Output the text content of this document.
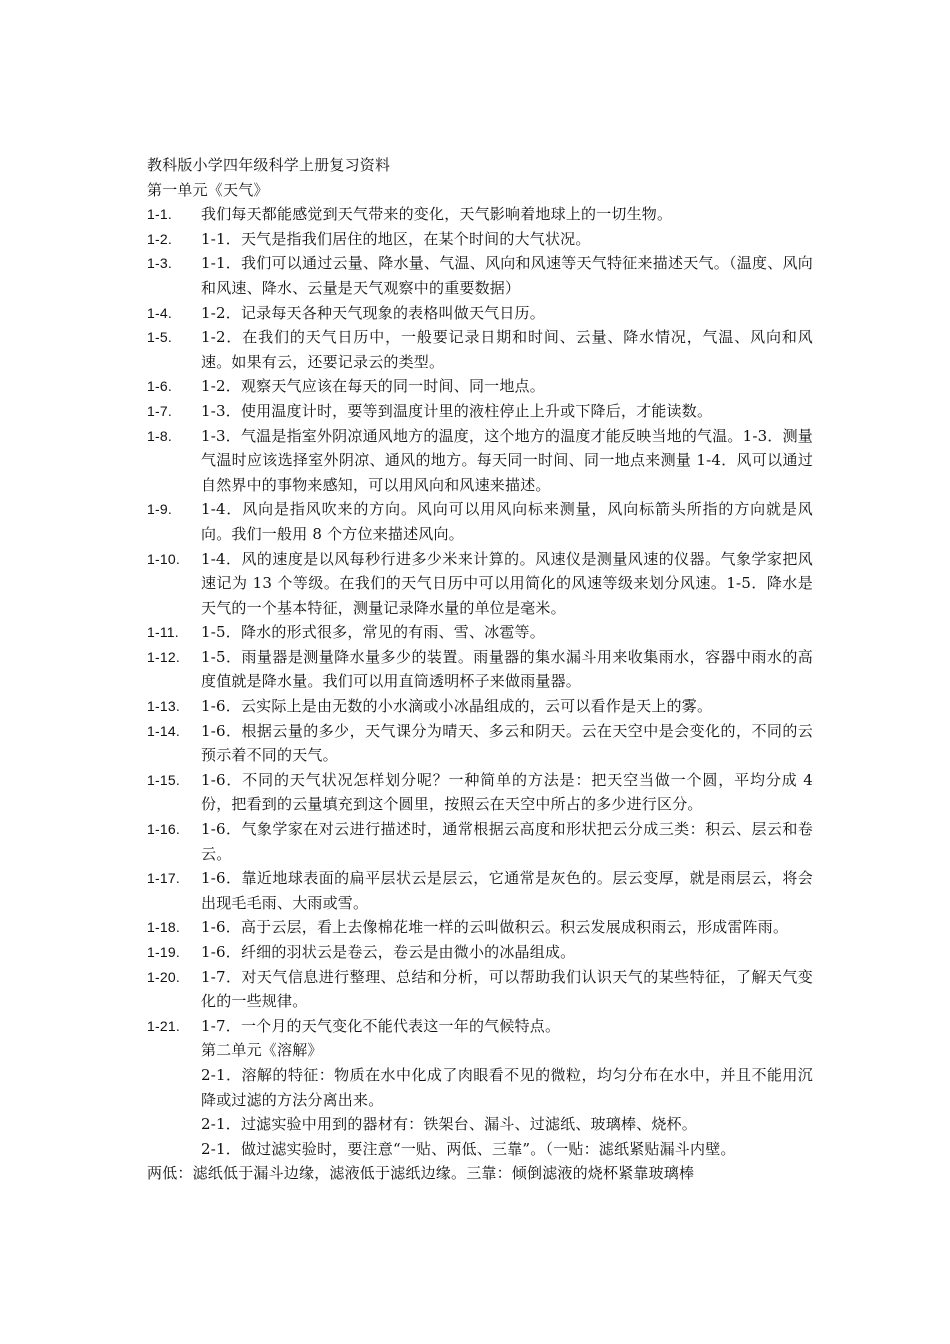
教科版小学四年级科学上册复习资料
第一单元《天气》
1-1.	我们每天都能感觉到天气带来的变化，天气影响着地球上的一切生物。
1-2.	1-1．天气是指我们居住的地区，在某个时间的大气状况。
1-3.	1-1．我们可以通过云量、降水量、气温、风向和风速等天气特征来描述天气。（温度、风向和风速、降水、云量是天气观察中的重要数据）
1-4.	1-2．记录每天各种天气现象的表格叫做天气日历。
1-5.	1-2．在我们的天气日历中，一般要记录日期和时间、云量、降水情况，气温、风向和风速。如果有云，还要记录云的类型。
1-6.	1-2．观察天气应该在每天的同一时间、同一地点。
1-7.	1-3．使用温度计时，要等到温度计里的液柱停止上升或下降后，才能读数。
1-8.	1-3．气温是指室外阴凉通风地方的温度，这个地方的温度才能反映当地的气温。1-3．测量气温时应该选择室外阴凉、通风的地方。每天同一时间、同一地点来测量 1-4．风可以通过自然界中的事物来感知，可以用风向和风速来描述。
1-9.	1-4．风向是指风吹来的方向。风向可以用风向标来测量，风向标箭头所指的方向就是风向。我们一般用 8 个方位来描述风向。
1-10.	1-4．风的速度是以风每秒行进多少米来计算的。风速仪是测量风速的仪器。气象学家把风速记为 13 个等级。在我们的天气日历中可以用简化的风速等级来划分风速。1-5．降水是天气的一个基本特征，测量记录降水量的单位是毫米。
1-11.	1-5．降水的形式很多，常见的有雨、雪、冰雹等。
1-12.	1-5．雨量器是测量降水量多少的装置。雨量器的集水漏斗用来收集雨水，容器中雨水的高度值就是降水量。我们可以用直筒透明杯子来做雨量器。
1-13.	1-6．云实际上是由无数的小水滴或小冰晶组成的，云可以看作是天上的雾。
1-14.	1-6．根据云量的多少，天气课分为晴天、多云和阴天。云在天空中是会变化的，不同的云预示着不同的天气。
1-15.	1-6．不同的天气状况怎样划分呢？一种简单的方法是：把天空当做一个圆，平均分成 4 份，把看到的云量填充到这个圆里，按照云在天空中所占的多少进行区分。
1-16.	1-6．气象学家在对云进行描述时，通常根据云高度和形状把云分成三类：积云、层云和卷云。
1-17.	1-6．靠近地球表面的扁平层状云是层云，它通常是灰色的。层云变厚，就是雨层云，将会出现毛毛雨、大雨或雪。
1-18.	1-6．高于云层，看上去像棉花堆一样的云叫做积云。积云发展成积雨云，形成雷阵雨。
1-19.	1-6．纤细的羽状云是卷云，卷云是由微小的冰晶组成。
1-20.	1-7．对天气信息进行整理、总结和分析，可以帮助我们认识天气的某些特征，了解天气变化的一些规律。
1-21.	1-7．一个月的天气变化不能代表这一年的气候特点。
第二单元《溶解》
2-1．溶解的特征：物质在水中化成了肉眼看不见的微粒，均匀分布在水中，并且不能用沉降或过滤的方法分离出来。
2-1．过滤实验中用到的器材有：铁架台、漏斗、过滤纸、玻璃棒、烧杯。
2-1．做过滤实验时，要注意“一贴、两低、三靠”。（一贴：滤纸紧贴漏斗内壁。
两低：滤纸低于漏斗边缘，滤液低于滤纸边缘。三靠：倾倒滤液的烧杯紧靠玻璃棒
